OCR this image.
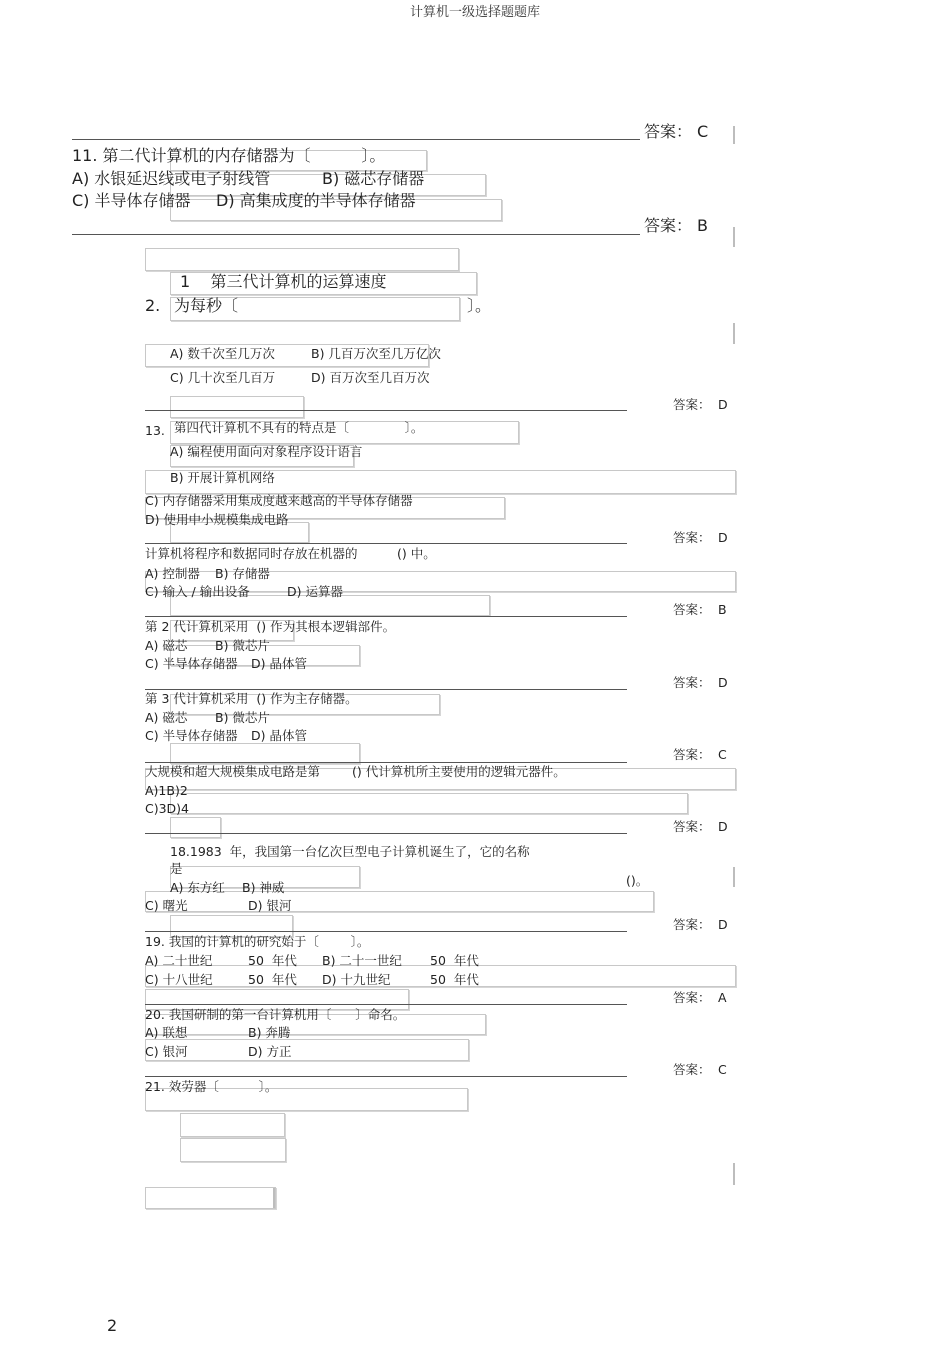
计算机一级选择题题库
答案： C
11. 第二代计算机的内存储器为〔          〕。
A) 水银延迟线或电子射线管	B) 磁芯存储器
C) 半导体存储器 D) 高集成度的半导体存储器
答案： B
1    第三代计算机的运算速度
2. 为每秒〔	〕。
A) 数千次至几万次	B) 几百万次至几万亿次
C) 几十次至几百万	D) 百万次至几百万次
答案： D
13. 第四代计算机不具有的特点是〔              〕。
A) 编程使用面向对象程序设计语言
B) 开展计算机网络
C) 内存储器采用集成度越来越高的半导体存储器
D) 使用中小规模集成电路
答案： D
计算机将程序和数据同时存放在机器的	() 中。
A) 控制器 B) 存储器
C) 输入 / 输出设备	D) 运算器
答案： B
第 2 代计算机采用  () 作为其根本逻辑部件。
A) 磁芯 B) 微芯片
C) 半导体存储器 D) 晶体管
答案： D
第 3 代计算机采用  () 作为主存储器。
A) 磁芯 B) 微芯片
C) 半导体存储器 D) 晶体管
答案： C
大规模和超大规模集成电路是第	() 代计算机所主要使用的逻辑元器件。
A)1B)2
C)3D)4
答案： D
18.1983  年，我国第一台亿次巨型电子计算机诞生了，它的名称
是
()。
A) 东方红 B) 神威
C) 曙光	D) 银河
答案： D
19. 我国的计算机的研究始于〔        〕。
A) 二十世纪	50  年代 B) 二十一世纪 50  年代
C) 十八世纪	50  年代 D) 十九世纪	50  年代
答案： A
20. 我国研制的第一台计算机用〔      〕命名。
A) 联想	B) 奔腾
C) 银河	D) 方正
答案： C
21. 效劳器〔          〕。
2
